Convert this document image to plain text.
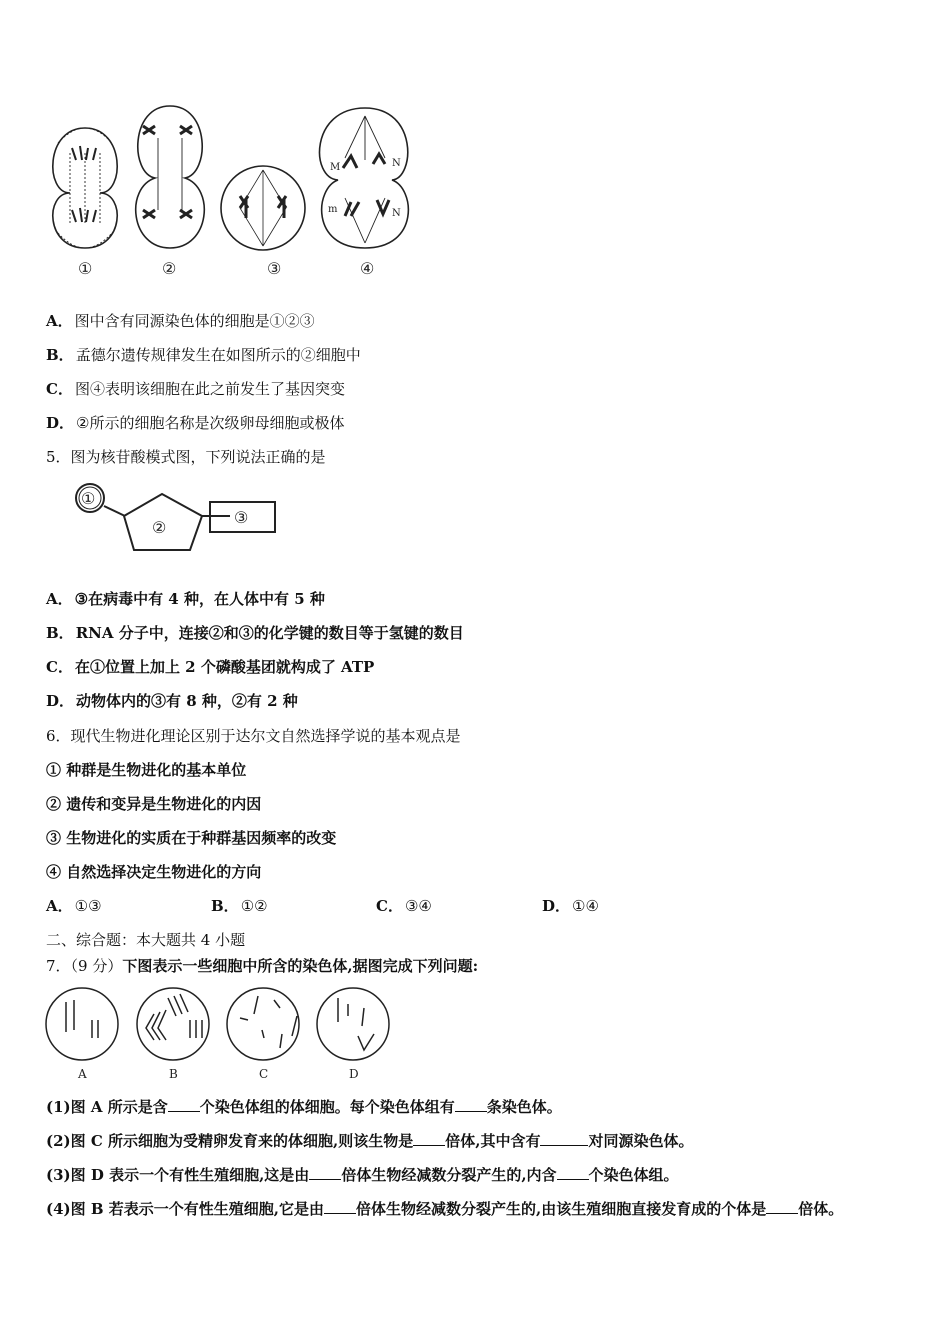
M	N
m	N
①	②	③	④
A． 图中含有同源染色体的细胞是①②③
B． 孟德尔遗传规律发生在如图所示的②细胞中
C． 图④表明该细胞在此之前发生了基因突变
D． ②所示的细胞名称是次级卵母细胞或极体
5．图为核苷酸模式图，下列说法正确的是
①
②
③
A． ③在病毒中有 4 种，在人体中有 5 种
B． RNA 分子中，连接②和③的化学键的数目等于氢键的数目
C． 在①位置上加上 2 个磷酸基团就构成了 ATP
D． 动物体内的③有 8 种，②有 2 种
6．现代生物进化理论区别于达尔文自然选择学说的基本观点是
① 种群是生物进化的基本单位
② 遗传和变异是生物进化的内因
③ 生物进化的实质在于种群基因频率的改变
④ 自然选择决定生物进化的方向
A． ①③	B． ①②	C． ③④	D． ①④
二、综合题：本大题共 4 小题
7．（9 分）下图表示一些细胞中所含的染色体,据图完成下列问题:
A	B	C	D
(1)图 A 所示是含 个染色体组的体细胞。每个染色体组有 条染色体。
(2)图 C 所示细胞为受精卵发育来的体细胞,则该生物是 倍体,其中含有	对同源染色体。
(3)图 D 表示一个有性生殖细胞,这是由 倍体生物经减数分裂产生的,内含 个染色体组。
(4)图 B 若表示一个有性生殖细胞,它是由 倍体生物经减数分裂产生的,由该生殖细胞直接发育成的个体是 倍体。
